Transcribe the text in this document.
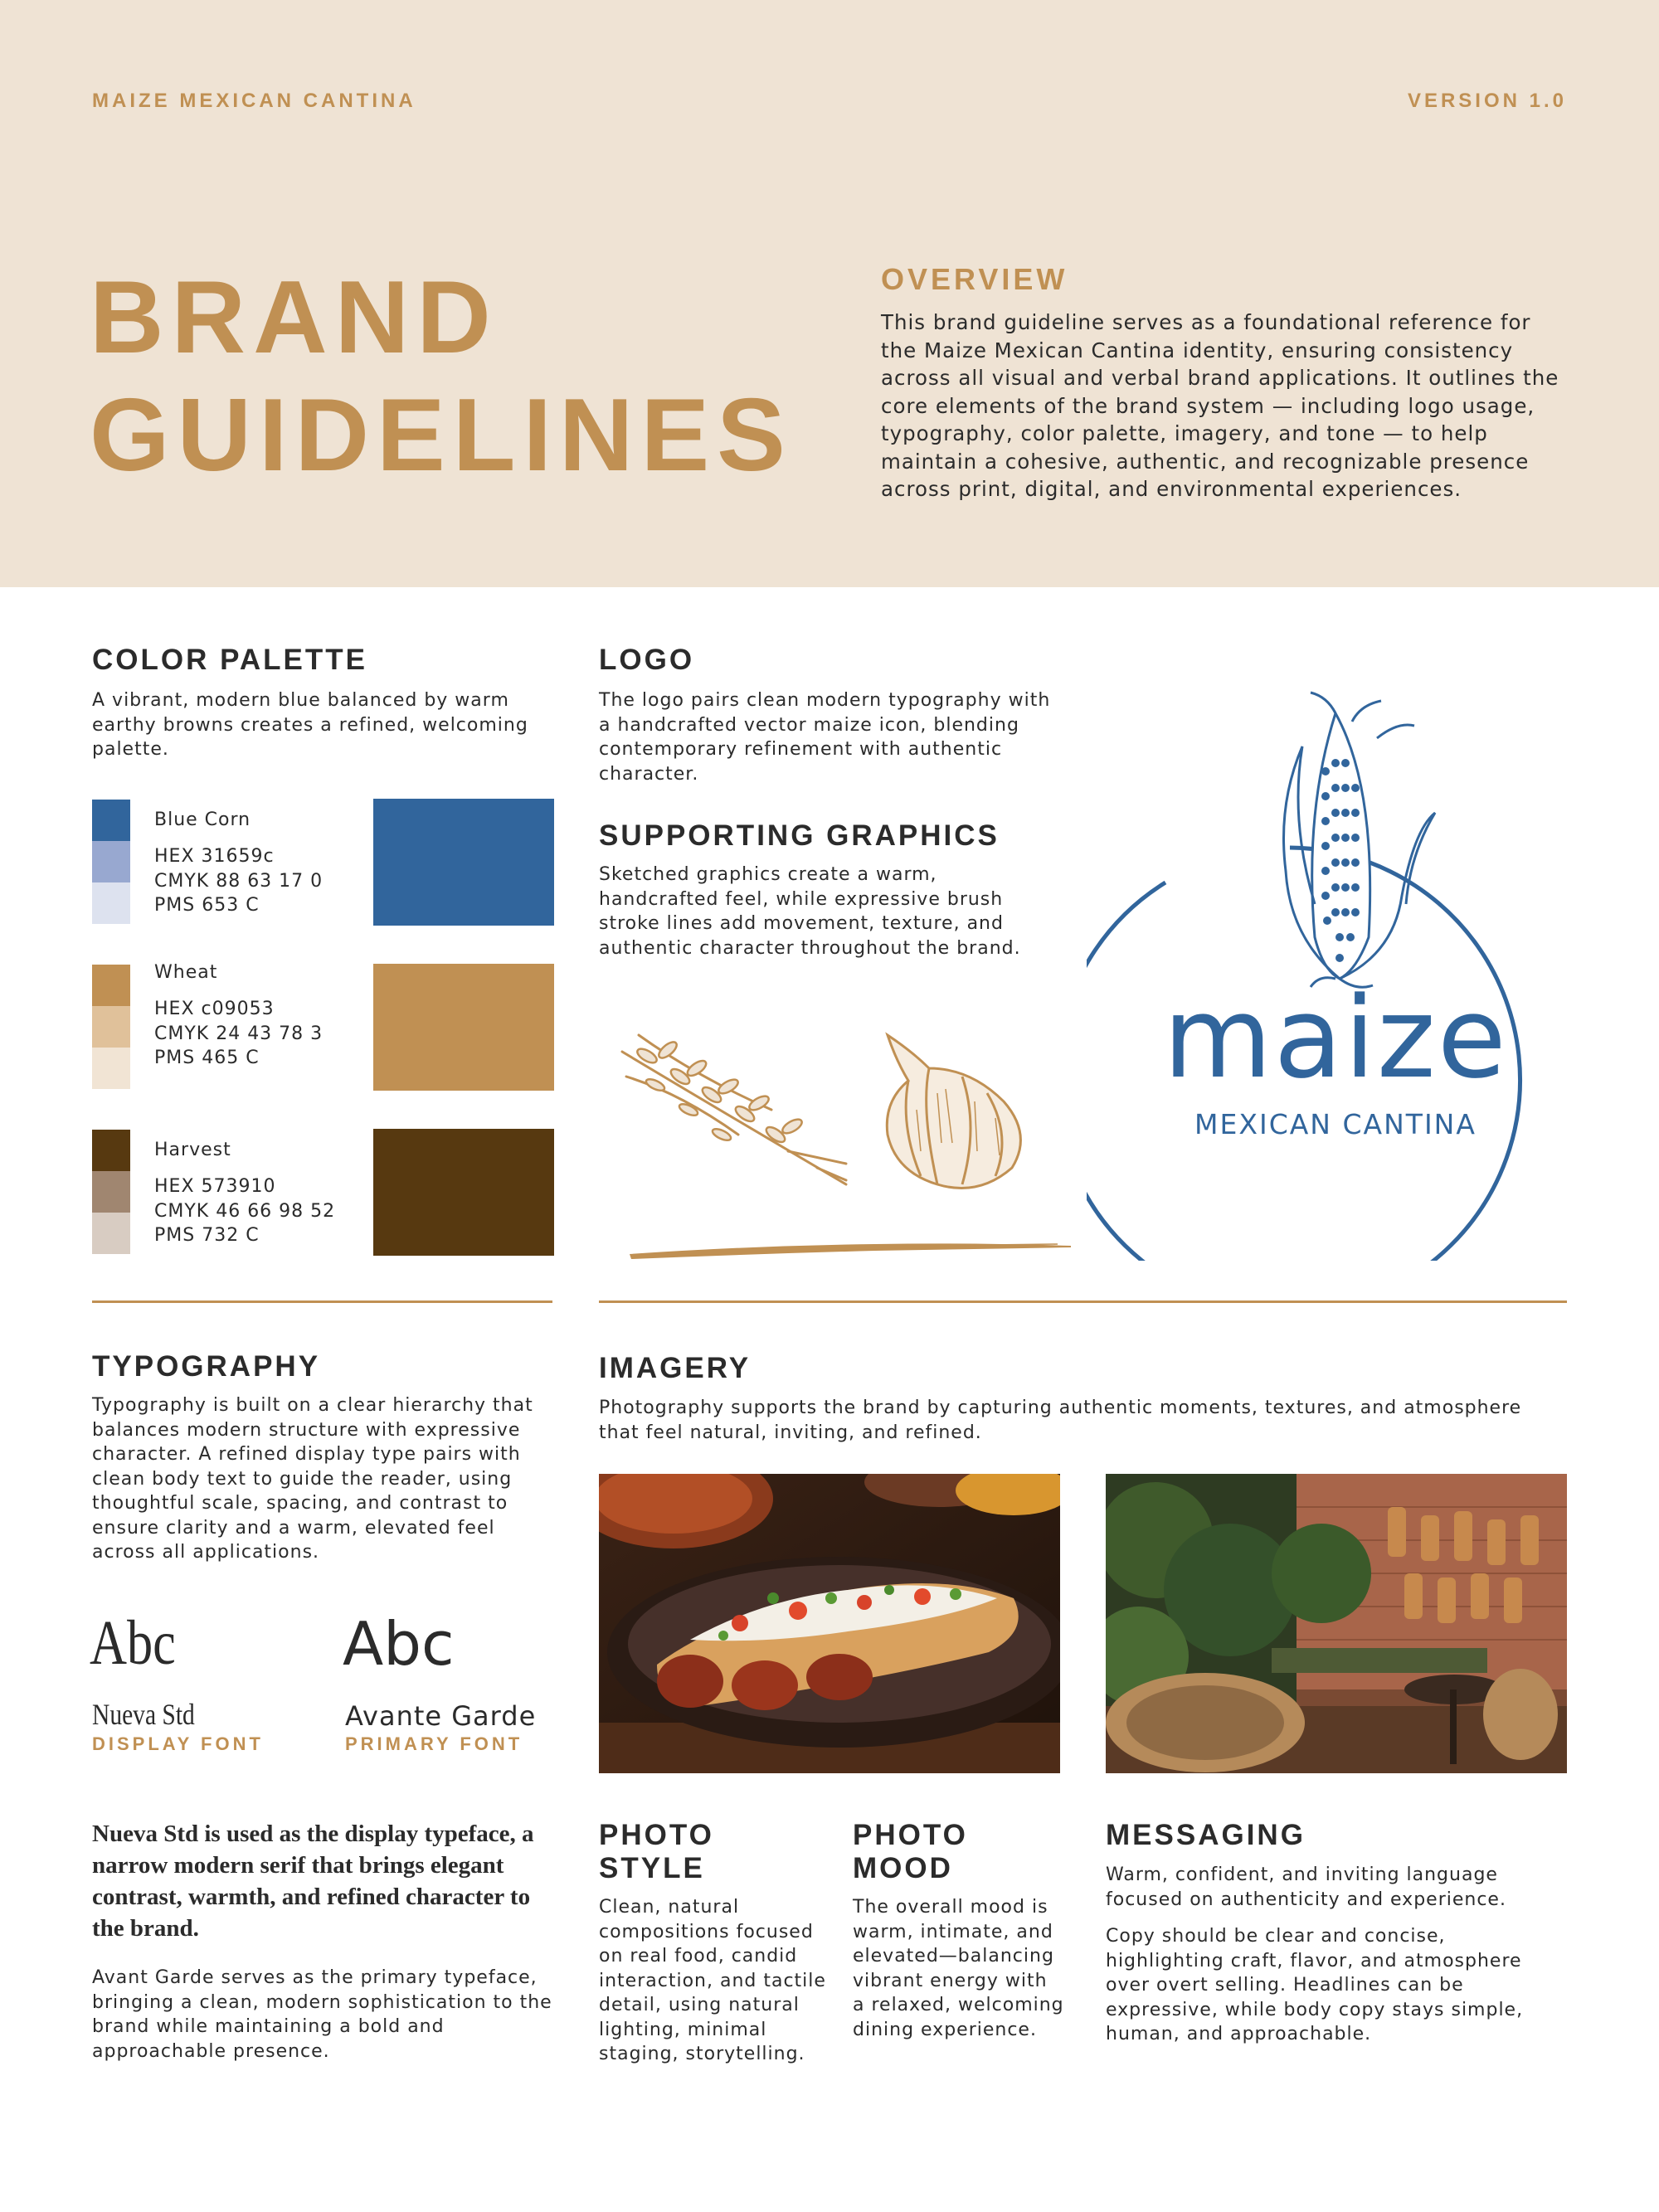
MAIZE MEXICAN CANTINA	VERSION 1.0
BRAND
GUIDELINES
OVERVIEW
This brand guideline serves as a foundational reference for the Maize Mexican Cantina identity, ensuring consistency across all visual and verbal brand applications. It outlines the core elements of the brand system — including logo usage, typography, color palette, imagery, and tone — to help maintain a cohesive, authentic, and recognizable presence across print, digital, and environmental experiences.
COLOR PALETTE
A vibrant, modern blue balanced by warm earthy browns creates a refined, welcoming palette.
Blue Corn
HEX 31659c
CMYK 88 63 17 0
PMS 653 C
Wheat
HEX c09053
CMYK 24 43 78 3
PMS 465 C
Harvest
HEX 573910
CMYK 46 66 98 52
PMS 732 C
LOGO
The logo pairs clean modern typography with a handcrafted vector maize icon, blending contemporary refinement with authentic character.
SUPPORTING GRAPHICS
Sketched graphics create a warm, handcrafted feel, while expressive brush stroke lines add movement, texture, and authentic character throughout the brand.
maize
MEXICAN CANTINA
TYPOGRAPHY
Typography is built on a clear hierarchy that balances modern structure with expressive character. A refined display type pairs with clean body text to guide the reader, using thoughtful scale, spacing, and contrast to ensure clarity and a warm, elevated feel across all applications.
Abc
Nueva Std
DISPLAY FONT
Abc
Avante Garde
PRIMARY FONT
Nueva Std is used as the display typeface, a narrow modern serif that brings elegant contrast, warmth, and refined character to the brand.
Avant Garde serves as the primary typeface, bringing a clean, modern sophistication to the brand while maintaining a bold and approachable presence.
IMAGERY
Photography supports the brand by capturing authentic moments, textures, and atmosphere that feel natural, inviting, and refined.
PHOTO
STYLE
Clean, natural compositions focused on real food, candid interaction, and tactile detail, using natural lighting, minimal staging, storytelling.
PHOTO
MOOD
The overall mood is warm, intimate, and elevated—balancing vibrant energy with a relaxed, welcoming dining experience.
MESSAGING
Warm, confident, and inviting language focused on authenticity and experience.
Copy should be clear and concise, highlighting craft, flavor, and atmosphere over overt selling. Headlines can be expressive, while body copy stays simple, human, and approachable.
